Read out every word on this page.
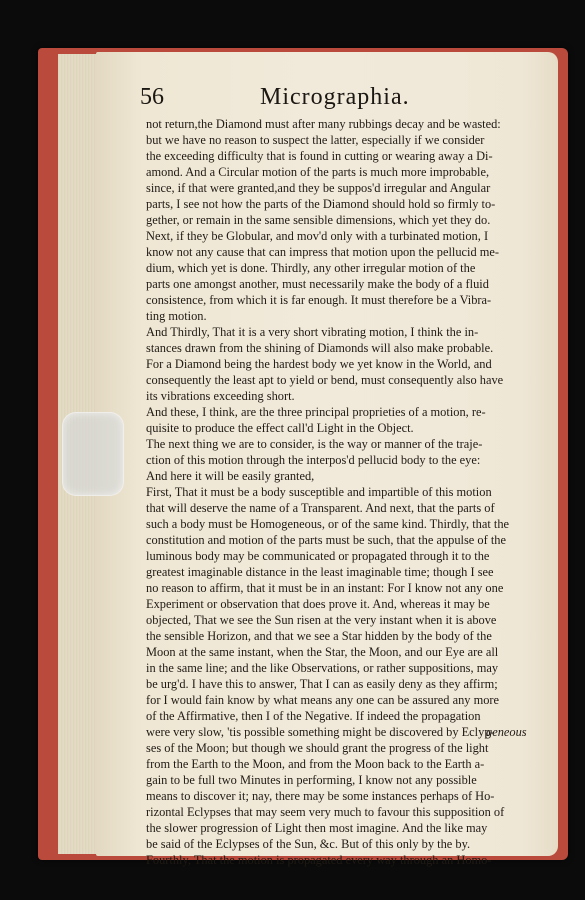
56	Micrographia.
not return,the Diamond must after many rubbings decay and be wasted:
but we have no reason to suspect the latter, especially if we consider
the exceeding difficulty that is found in cutting or wearing away a Di-
amond. And a Circular motion of the parts is much more improbable,
since, if that were granted,and they be suppos'd irregular and Angular
parts, I see not how the parts of the Diamond should hold so firmly to-
gether, or remain in the same sensible dimensions, which yet they do.
Next, if they be Globular, and mov'd only with a turbinated motion, I
know not any cause that can impress that motion upon the pellucid me-
dium, which yet is done. Thirdly, any other irregular motion of the
parts one amongst another, must necessarily make the body of a fluid
consistence, from which it is far enough. It must therefore be a Vibra-
ting motion.
And Thirdly, That it is a very short vibrating motion, I think the in-
stances drawn from the shining of Diamonds will also make probable.
For a Diamond being the hardest body we yet know in the World, and
consequently the least apt to yield or bend, must consequently also have
its vibrations exceeding short.
And these, I think, are the three principal proprieties of a motion, re-
quisite to produce the effect call'd Light in the Object.
The next thing we are to consider, is the way or manner of the traje-
ction of this motion through the interpos'd pellucid body to the eye:
And here it will be easily granted,
First, That it must be a body susceptible and impartible of this motion
that will deserve the name of a Transparent. And next, that the parts of
such a body must be Homogeneous, or of the same kind. Thirdly, that the
constitution and motion of the parts must be such, that the appulse of the
luminous body may be communicated or propagated through it to the
greatest imaginable distance in the least imaginable time; though I see
no reason to affirm, that it must be in an instant: For I know not any one
Experiment or observation that does prove it. And, whereas it may be
objected, That we see the Sun risen at the very instant when it is above
the sensible Horizon, and that we see a Star hidden by the body of the
Moon at the same instant, when the Star, the Moon, and our Eye are all
in the same line; and the like Observations, or rather suppositions, may
be urg'd. I have this to answer, That I can as easily deny as they affirm;
for I would fain know by what means any one can be assured any more
of the Affirmative, then I of the Negative. If indeed the propagation
were very slow, 'tis possible something might be discovered by Eclyp-
ses of the Moon; but though we should grant the progress of the light
from the Earth to the Moon, and from the Moon back to the Earth a-
gain to be full two Minutes in performing, I know not any possible
means to discover it; nay, there may be some instances perhaps of Ho-
rizontal Eclypses that may seem very much to favour this supposition of
the slower progression of Light then most imagine. And the like may
be said of the Eclypses of the Sun, &c. But of this only by the by.
Fourthly, That the motion is propagated every way through an Homo-
geneous
